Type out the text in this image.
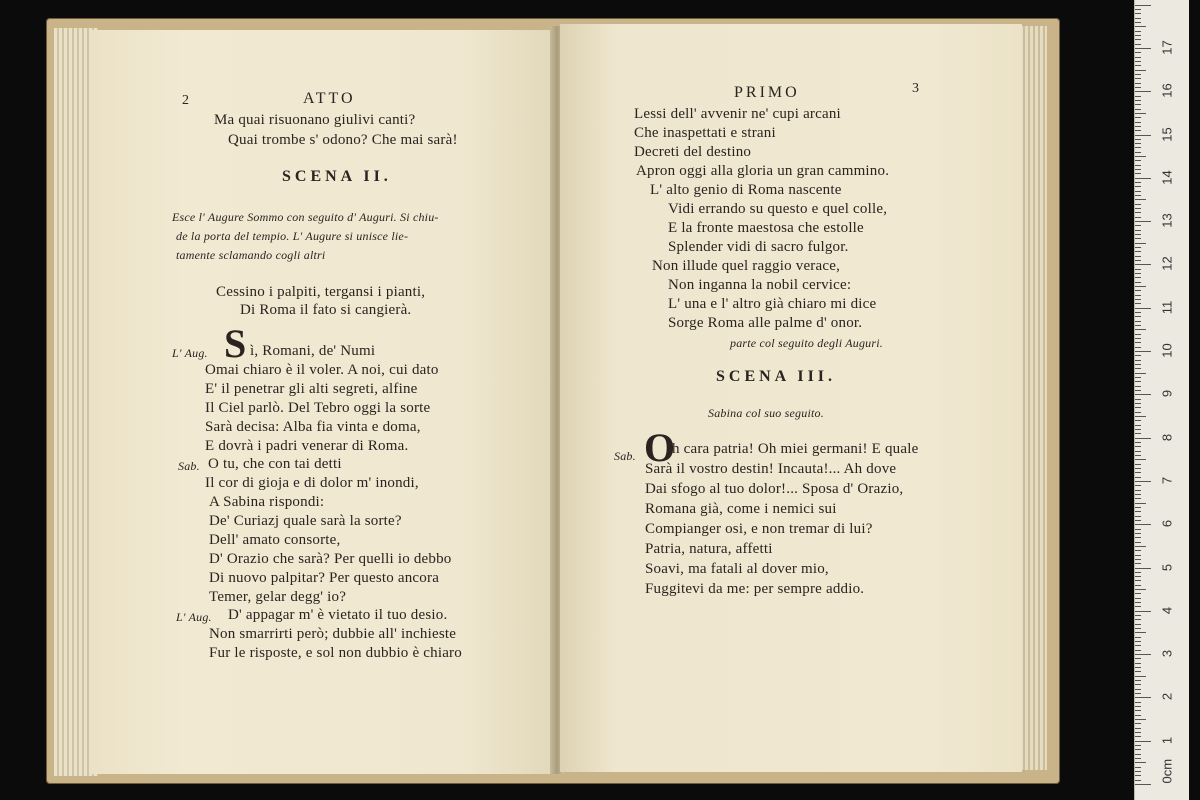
2	ATTO
Ma quai risuonano giulivi canti?
Quai trombe s' odono? Che mai sarà!
SCENA II.
Esce l' Augure Sommo con seguito d' Auguri. Si chiu-
de la porta del tempio. L' Augure si unisce lie-
tamente sclamando cogli altri
Cessino i palpiti, tergansi i pianti,
Di Roma il fato si cangierà.
L' Aug. S ì, Romani, de' Numi
Omai chiaro è il voler. A noi, cui dato
E' il penetrar gli alti segreti, alfine
Il Ciel parlò. Del Tebro oggi la sorte
Sarà decisa: Alba fia vinta e doma,
E dovrà i padri venerar di Roma.
Sab. O tu, che con tai detti
Il cor di gioja e di dolor m' inondi,
A Sabina rispondi:
De' Curiazj quale sarà la sorte?
Dell' amato consorte,
D' Orazio che sarà? Per quelli io debbo
Di nuovo palpitar? Per questo ancora
Temer, gelar degg' io?
L' Aug. D' appagar m' è vietato il tuo desio.
Non smarrirti però; dubbie all' inchieste
Fur le risposte, e sol non dubbio è chiaro
PRIMO	3
Lessi dell' avvenir ne' cupi arcani
Che inaspettati e strani
Decreti del destino
Apron oggi alla gloria un gran cammino.
L' alto genio di Roma nascente
Vidi errando su questo e quel colle,
E la fronte maestosa che estolle
Splender vidi di sacro fulgor.
Non illude quel raggio verace,
Non inganna la nobil cervice:
L' una e l' altro già chiaro mi dice
Sorge Roma alle palme d' onor.
parte col seguito degli Auguri.
SCENA III.
Sabina col suo seguito.
Sab. O
h cara patria! Oh miei germani! E quale
Sarà il vostro destin! Incauta!... Ah dove
Dai sfogo al tuo dolor!... Sposa d' Orazio,
Romana già, come i nemici sui
Compianger osi, e non tremar di lui?
Patria, natura, affetti
Soavi, ma fatali al dover mio,
Fuggitevi da me: per sempre addio.
0cm
1
2
3
4
5
6
7
8
9
10
11
12
13
14
15
16
17
